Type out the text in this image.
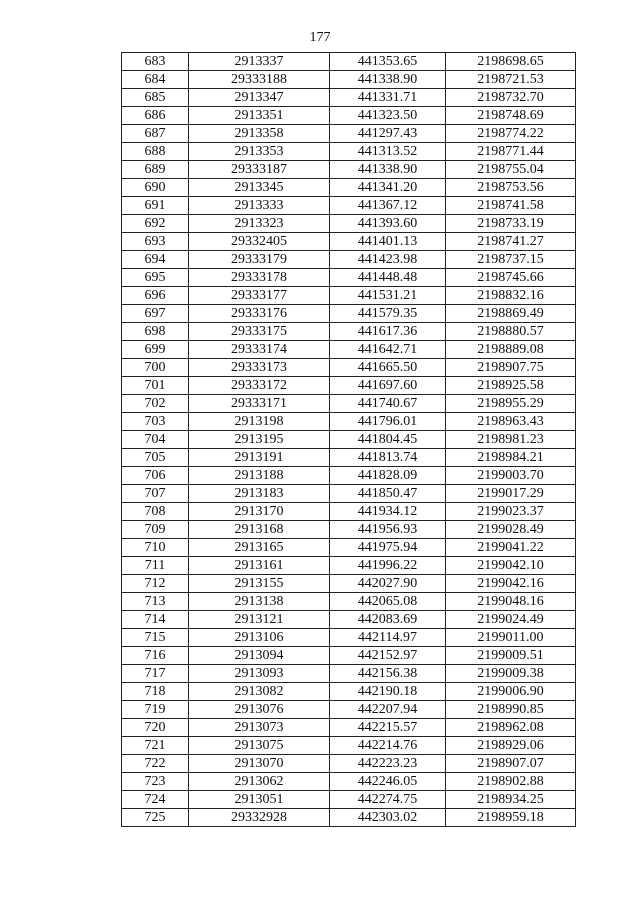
177
683	2913337	441353.65	2198698.65
684	29333188	441338.90	2198721.53
685	2913347	441331.71	2198732.70
686	2913351	441323.50	2198748.69
687	2913358	441297.43	2198774.22
688	2913353	441313.52	2198771.44
689	29333187	441338.90	2198755.04
690	2913345	441341.20	2198753.56
691	2913333	441367.12	2198741.58
692	2913323	441393.60	2198733.19
693	29332405	441401.13	2198741.27
694	29333179	441423.98	2198737.15
695	29333178	441448.48	2198745.66
696	29333177	441531.21	2198832.16
697	29333176	441579.35	2198869.49
698	29333175	441617.36	2198880.57
699	29333174	441642.71	2198889.08
700	29333173	441665.50	2198907.75
701	29333172	441697.60	2198925.58
702	29333171	441740.67	2198955.29
703	2913198	441796.01	2198963.43
704	2913195	441804.45	2198981.23
705	2913191	441813.74	2198984.21
706	2913188	441828.09	2199003.70
707	2913183	441850.47	2199017.29
708	2913170	441934.12	2199023.37
709	2913168	441956.93	2199028.49
710	2913165	441975.94	2199041.22
711	2913161	441996.22	2199042.10
712	2913155	442027.90	2199042.16
713	2913138	442065.08	2199048.16
714	2913121	442083.69	2199024.49
715	2913106	442114.97	2199011.00
716	2913094	442152.97	2199009.51
717	2913093	442156.38	2199009.38
718	2913082	442190.18	2199006.90
719	2913076	442207.94	2198990.85
720	2913073	442215.57	2198962.08
721	2913075	442214.76	2198929.06
722	2913070	442223.23	2198907.07
723	2913062	442246.05	2198902.88
724	2913051	442274.75	2198934.25
725	29332928	442303.02	2198959.18
